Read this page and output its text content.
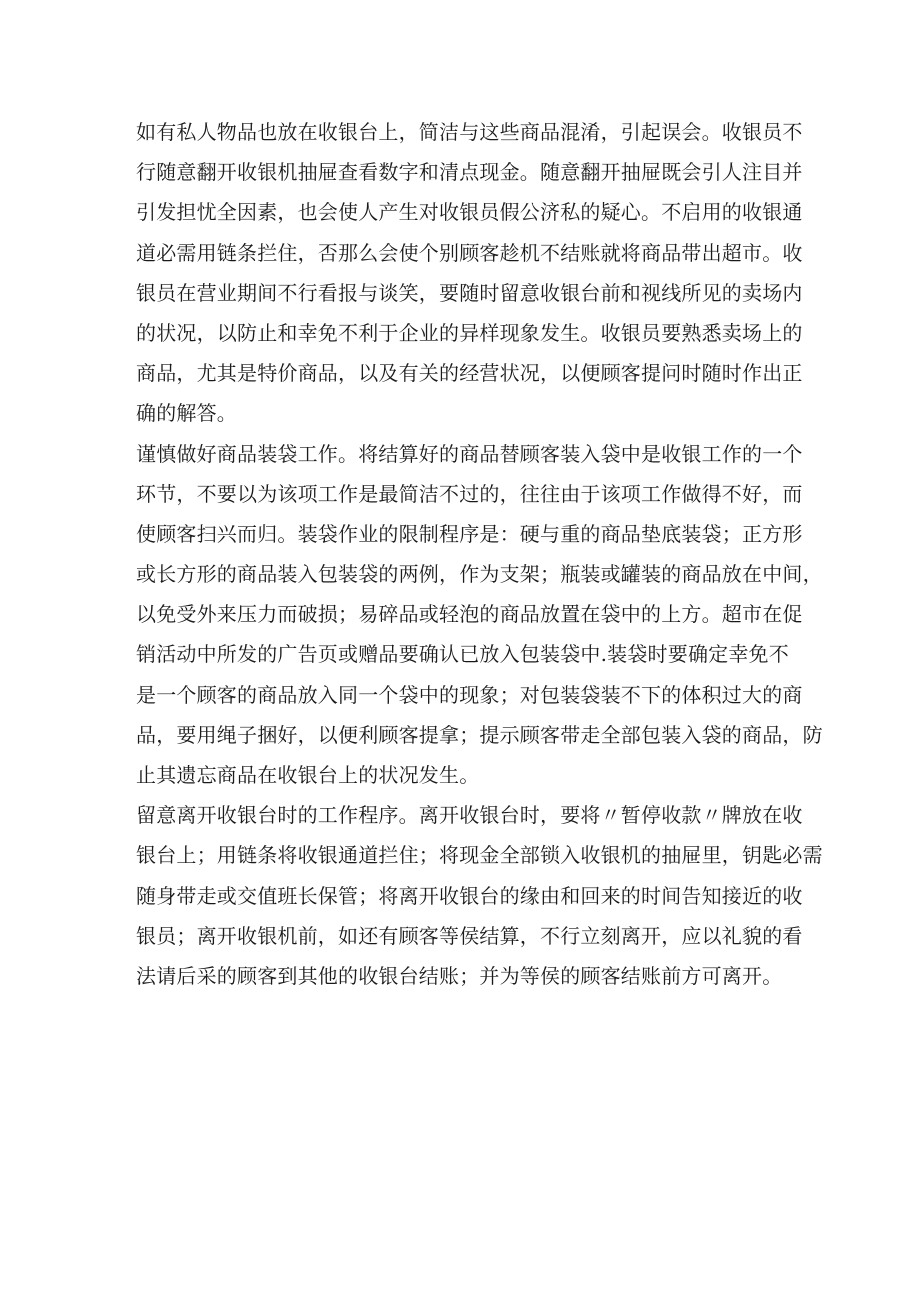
如有私人物品也放在收银台上，简洁与这些商品混淆，引起误会。收银员不
行随意翻开收银机抽屉查看数字和清点现金。随意翻开抽屉既会引人注目并
引发担忧全因素，也会使人产生对收银员假公济私的疑心。不启用的收银通
道必需用链条拦住，否那么会使个别顾客趁机不结账就将商品带出超市。收
银员在营业期间不行看报与谈笑，要随时留意收银台前和视线所见的卖场内
的状况，以防止和幸免不利于企业的异样现象发生。收银员要熟悉卖场上的
商品，尤其是特价商品，以及有关的经营状况，以便顾客提问时随时作出正
确的解答。
谨慎做好商品装袋工作。将结算好的商品替顾客装入袋中是收银工作的一个
环节，不要以为该项工作是最简洁不过的，往往由于该项工作做得不好，而
使顾客扫兴而归。装袋作业的限制程序是：硬与重的商品垫底装袋；正方形
或长方形的商品装入包装袋的两例，作为支架；瓶装或罐装的商品放在中间，
以免受外来压力而破损；易碎品或轻泡的商品放置在袋中的上方。超市在促
销活动中所发的广告页或赠品要确认已放入包装袋中.装袋时要确定幸免不
是一个顾客的商品放入同一个袋中的现象；对包装袋装不下的体积过大的商
品，要用绳子捆好，以便利顾客提拿；提示顾客带走全部包装入袋的商品，防
止其遗忘商品在收银台上的状况发生。
留意离开收银台时的工作程序。离开收银台时，要将〃暂停收款〃牌放在收
银台上；用链条将收银通道拦住；将现金全部锁入收银机的抽屉里，钥匙必需
随身带走或交值班长保管；将离开收银台的缘由和回来的时间告知接近的收
银员；离开收银机前，如还有顾客等侯结算，不行立刻离开，应以礼貌的看
法请后采的顾客到其他的收银台结账；并为等侯的顾客结账前方可离开。
